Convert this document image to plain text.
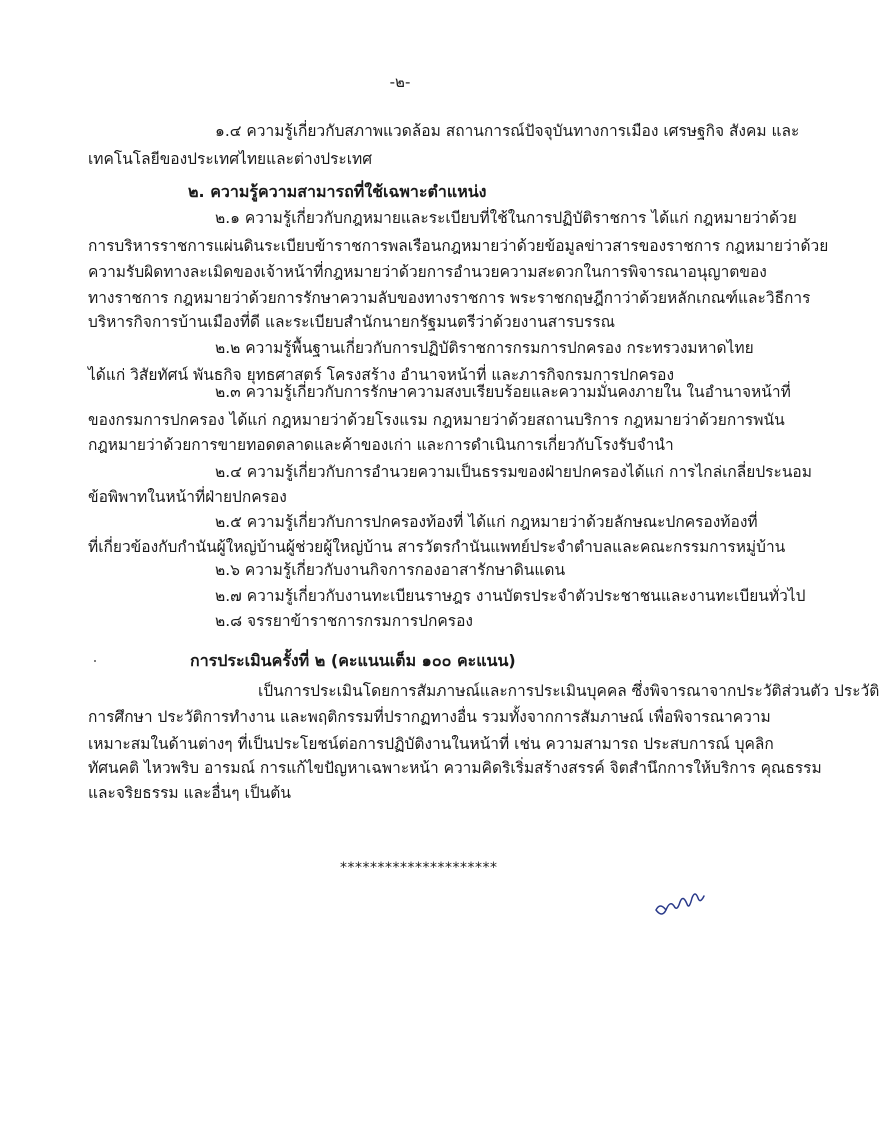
-๒-
๑.๔ ความรู้เกี่ยวกับสภาพแวดล้อม สถานการณ์ปัจจุบันทางการเมือง เศรษฐกิจ สังคม และ
เทคโนโลยีของประเทศไทยและต่างประเทศ
๒. ความรู้ความสามารถที่ใช้เฉพาะตำแหน่ง
๒.๑ ความรู้เกี่ยวกับกฎหมายและระเบียบที่ใช้ในการปฏิบัติราชการ ได้แก่ กฎหมายว่าด้วย
การบริหารราชการแผ่นดินระเบียบข้าราชการพลเรือนกฎหมายว่าด้วยข้อมูลข่าวสารของราชการ กฎหมายว่าด้วย
ความรับผิดทางละเมิดของเจ้าหน้าที่กฎหมายว่าด้วยการอำนวยความสะดวกในการพิจารณาอนุญาตของ
ทางราชการ กฎหมายว่าด้วยการรักษาความลับของทางราชการ พระราชกฤษฎีกาว่าด้วยหลักเกณฑ์และวิธีการ
บริหารกิจการบ้านเมืองที่ดี และระเบียบสำนักนายกรัฐมนตรีว่าด้วยงานสารบรรณ
๒.๒ ความรู้พื้นฐานเกี่ยวกับการปฏิบัติราชการกรมการปกครอง กระทรวงมหาดไทย
ได้แก่ วิสัยทัศน์ พันธกิจ ยุทธศาสตร์ โครงสร้าง อำนาจหน้าที่ และภารกิจกรมการปกครอง
๒.๓ ความรู้เกี่ยวกับการรักษาความสงบเรียบร้อยและความมั่นคงภายใน ในอำนาจหน้าที่
ของกรมการปกครอง ได้แก่ กฎหมายว่าด้วยโรงแรม กฎหมายว่าด้วยสถานบริการ กฎหมายว่าด้วยการพนัน
กฎหมายว่าด้วยการขายทอดตลาดและค้าของเก่า และการดำเนินการเกี่ยวกับโรงรับจำนำ
๒.๔ ความรู้เกี่ยวกับการอำนวยความเป็นธรรมของฝ่ายปกครองได้แก่ การไกล่เกลี่ยประนอม
ข้อพิพาทในหน้าที่ฝ่ายปกครอง
๒.๕ ความรู้เกี่ยวกับการปกครองท้องที่ ได้แก่ กฎหมายว่าด้วยลักษณะปกครองท้องที่
ที่เกี่ยวข้องกับกำนันผู้ใหญ่บ้านผู้ช่วยผู้ใหญ่บ้าน สารวัตรกำนันแพทย์ประจำตำบลและคณะกรรมการหมู่บ้าน
๒.๖ ความรู้เกี่ยวกับงานกิจการกองอาสารักษาดินแดน
๒.๗ ความรู้เกี่ยวกับงานทะเบียนราษฎร งานบัตรประจำตัวประชาชนและงานทะเบียนทั่วไป
๒.๘ จรรยาข้าราชการกรมการปกครอง
การประเมินครั้งที่ ๒ (คะแนนเต็ม ๑๐๐ คะแนน)
เป็นการประเมินโดยการสัมภาษณ์และการประเมินบุคคล ซึ่งพิจารณาจากประวัติส่วนตัว ประวัติ
การศึกษา ประวัติการทำงาน และพฤติกรรมที่ปรากฏทางอื่น รวมทั้งจากการสัมภาษณ์ เพื่อพิจารณาความ
เหมาะสมในด้านต่างๆ ที่เป็นประโยชน์ต่อการปฏิบัติงานในหน้าที่ เช่น ความสามารถ ประสบการณ์ บุคลิก
ทัศนคติ ไหวพริบ อารมณ์ การแก้ไขปัญหาเฉพาะหน้า ความคิดริเริ่มสร้างสรรค์ จิตสำนึกการให้บริการ คุณธรรม
และจริยธรรม และอื่นๆ เป็นต้น
*********************
